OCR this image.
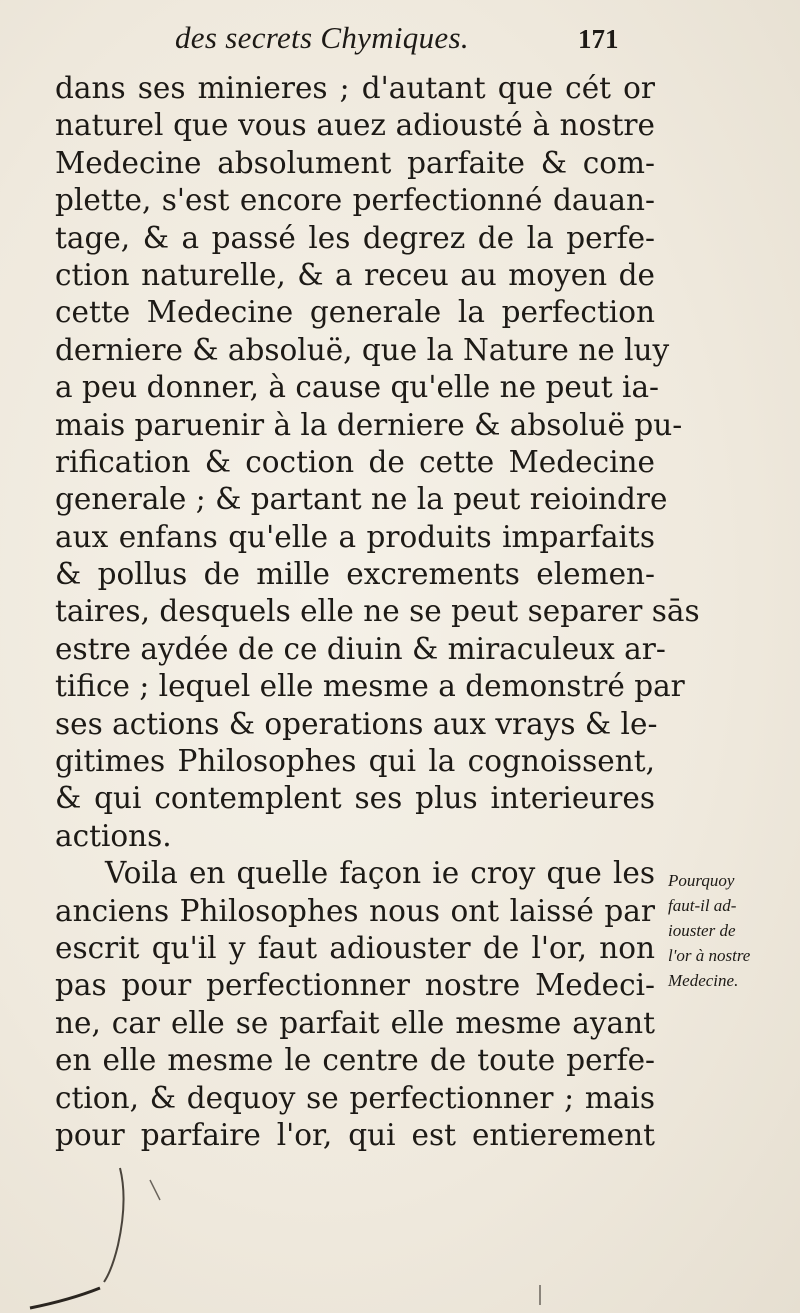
des secrets Chymiques.	171
dans ses minieres ; d'autant que cét or
naturel que vous auez adiousté à nostre
Medecine absolument parfaite & com-
plette, s'est encore perfectionné dauan-
tage, & a passé les degrez de la perfe-
ction naturelle, & a receu au moyen de
cette Medecine generale la perfection
derniere & absoluë, que la Nature ne luy
a peu donner, à cause qu'elle ne peut ia-
mais paruenir à la derniere & absoluë pu-
rification & coction de cette Medecine
generale ; & partant ne la peut reioindre
aux enfans qu'elle a produits imparfaits
& pollus de mille excrements elemen-
taires, desquels elle ne se peut separer sās
estre aydée de ce diuin & miraculeux ar-
tifice ; lequel elle mesme a demonstré par
ses actions & operations aux vrays & le-
gitimes Philosophes qui la cognoissent,
& qui contemplent ses plus interieures
actions.
Voila en quelle façon ie croy que les
anciens Philosophes nous ont laissé par
escrit qu'il y faut adiouster de l'or, non
pas pour perfectionner nostre Medeci-
ne, car elle se parfait elle mesme ayant
en elle mesme le centre de toute perfe-
ction, & dequoy se perfectionner ; mais
pour parfaire l'or, qui est entierement
Pourquoy
faut-il ad-
iouster de
l'or à nostre
Medecine.
